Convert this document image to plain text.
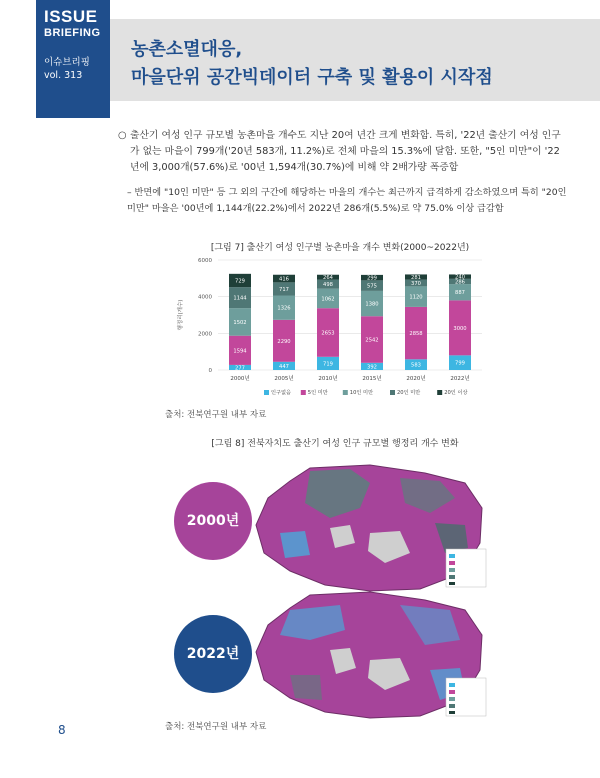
ISSUE
BRIEFING
이슈브리핑
vol. 313
농촌소멸대응,
마을단위 공간빅데이터 구축 및 활용이 시작점
○ 출산기 여성 인구 규모별 농촌마을 개수도 지난 20여 년간 크게 변화함. 특히, '22년 출산기 여성 인구가 없는 마을이 799개('20년 583개, 11.2%)로 전체 마을의 15.3%에 달함. 또한, "5인 미만"이 '22년에 3,000개(57.6%)로 '00년 1,594개(30.7%)에 비해 약 2배가량 폭증함
– 반면에 "10인 미만" 등 그 외의 구간에 해당하는 마을의 개수는 최근까지 급격하게 감소하였으며 특히 "20인 미만" 마을은 '00년에 1,144개(22.2%)에서 2022년 286개(5.5%)로 약 75.0% 이상 급감함
[그림 7] 출산기 여성 인구별 농촌마을 개수 변화(2000~2022년)
0
2000
4000
6000
행정리(개수)
277
1594
1502
1144
729
2000년
447
2290
1326
717
416
2005년
719
2653
1062
498
264
2010년
392
2542
1380
575
299
2015년
583
2858
1120
370
281
2020년
799
3000
887
286
240
2022년
인구없음	5인 미만	10인 미만	20인 미만	20인 이상
출처: 전북연구원 내부 자료
[그림 8] 전북자치도 출산기 여성 인구 규모별 행정리 개수 변화
2000년
2022년
출처: 전북연구원 내부 자료
8
